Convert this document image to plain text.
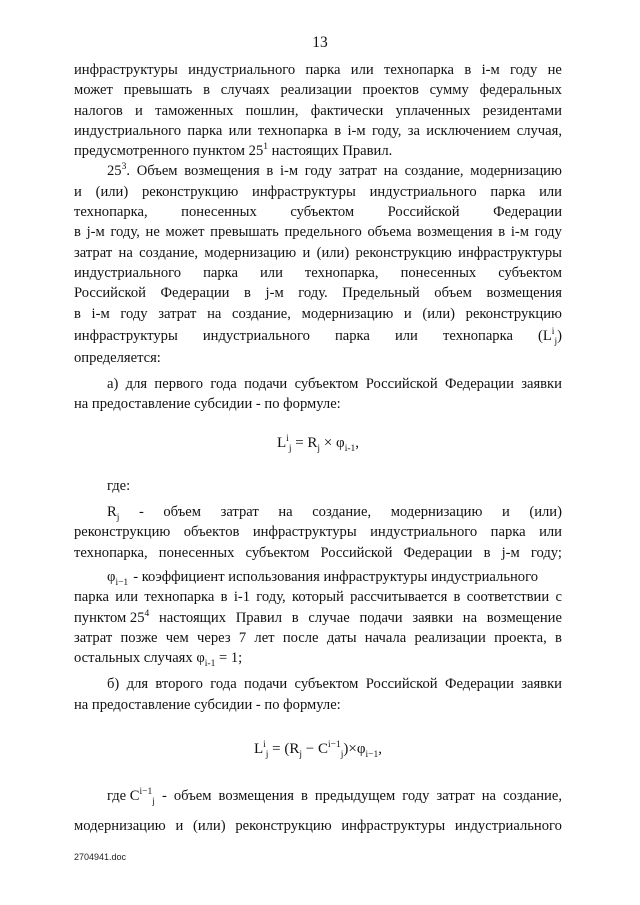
13
инфраструктуры индустриального парка или технопарка в i-м году не
может превышать в случаях реализации проектов сумму федеральных
налогов и таможенных пошлин, фактически уплаченных резидентами
индустриального парка или технопарка в i-м году, за исключением случая,
предусмотренного пунктом $25^1$ настоящих Правил.
$25^3$. Объем возмещения в i-м году затрат на создание, модернизацию
и (или) реконструкцию инфраструктуры индустриального парка или
технопарка, понесенных субъектом Российской Федерации
в j-м году, не может превышать предельного объема возмещения в i-м году
затрат на создание, модернизацию и (или) реконструкцию инфраструктуры
индустриального парка или технопарка, понесенных субъектом
Российской Федерации в j-м году. Предельный объем возмещения
в i-м году затрат на создание, модернизацию и (или) реконструкцию
инфраструктуры индустриального парка или технопарка $(L^i_j)$
определяется:
а) для первого года подачи субъектом Российской Федерации заявки
на предоставление субсидии - по формуле:
$L^i_j = R_j \times \varphi_{i-1}$,
где:
$R_j$ - объем затрат на создание, модернизацию и (или)
реконструкцию объектов инфраструктуры индустриального парка или
технопарка, понесенных субъектом Российской Федерации в j-м году;
$\varphi_{i-1}$ - коэффициент использования инфраструктуры индустриального
парка или технопарка в i-1 году, который рассчитывается в соответствии с
пунктом $25^4$ настоящих Правил в случае подачи заявки на возмещение
затрат позже чем через 7 лет после даты начала реализации проекта, в
остальных случаях $\varphi_{i-1} = 1$;
б) для второго года подачи субъектом Российской Федерации заявки
на предоставление субсидии - по формуле:
$L^i_j = (R_j - C^{i-1}_j)\times\varphi_{i-1}$,
где $C^{i-1}_j$ - объем возмещения в предыдущем году затрат на создание,
модернизацию и (или) реконструкцию инфраструктуры индустриального
2704941.doc
